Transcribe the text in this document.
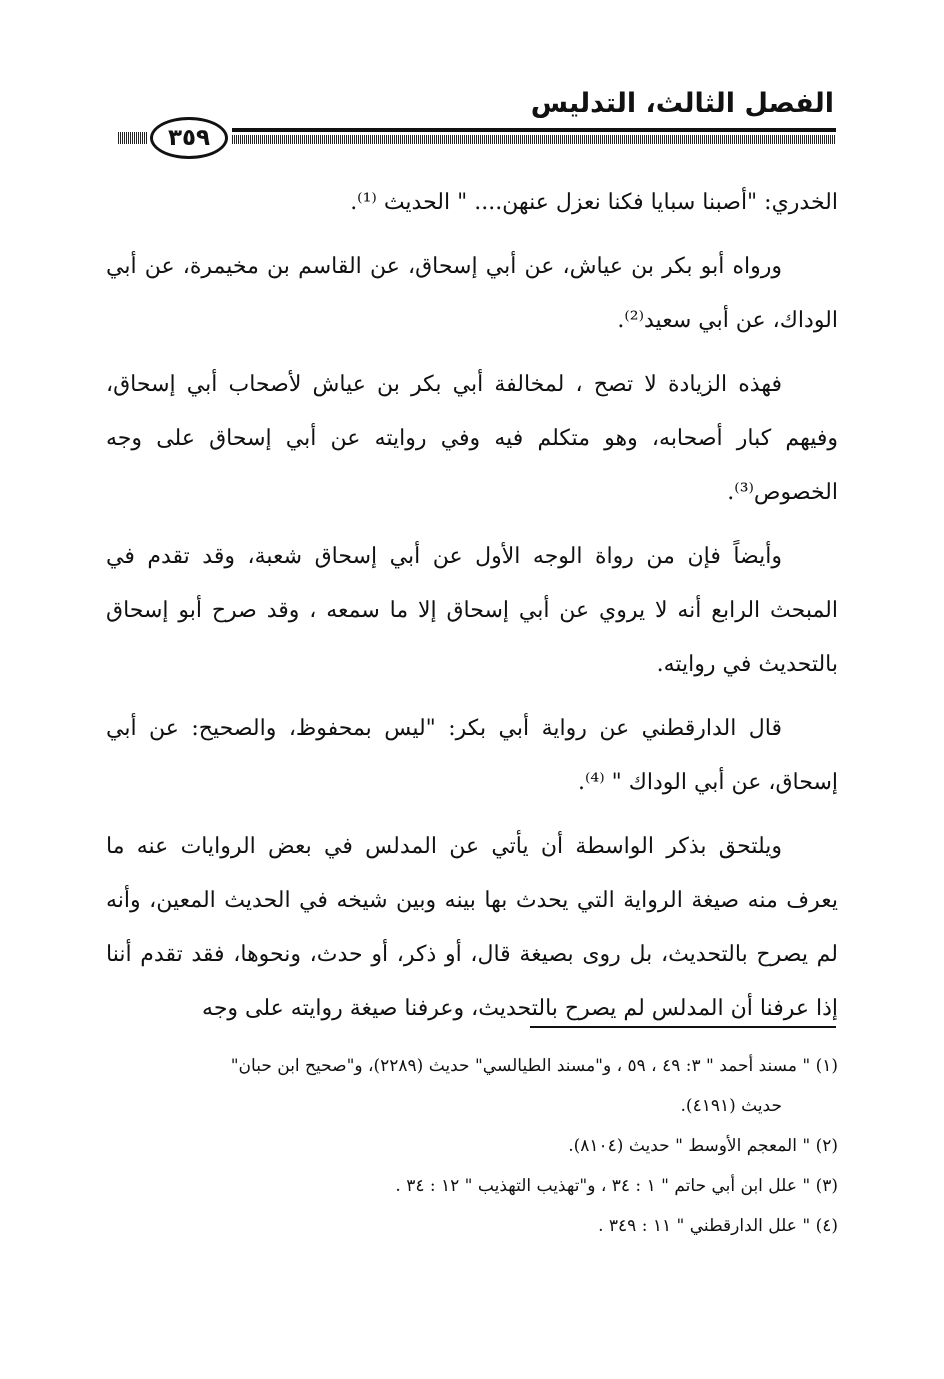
الفصل الثالث، التدليس
٣٥٩

الخدري: "أصبنا سبايا فكنا نعزل عنهن.... " الحديث ⁽¹⁾.

ورواه أبو بكر بن عياش، عن أبي إسحاق، عن القاسم بن مخيمرة، عن أبي الوداك، عن أبي سعيد⁽²⁾.

فهذه الزيادة لا تصح ، لمخالفة أبي بكر بن عياش لأصحاب أبي إسحاق، وفيهم كبار أصحابه، وهو متكلم فيه وفي روايته عن أبي إسحاق على وجه الخصوص⁽³⁾.

وأيضاً فإن من رواة الوجه الأول عن أبي إسحاق شعبة، وقد تقدم في المبحث الرابع أنه لا يروي عن أبي إسحاق إلا ما سمعه ، وقد صرح أبو إسحاق بالتحديث في روايته.

قال الدارقطني عن رواية أبي بكر: "ليس بمحفوظ، والصحيح: عن أبي إسحاق، عن أبي الوداك " ⁽⁴⁾.

ويلتحق بذكر الواسطة أن يأتي عن المدلس في بعض الروايات عنه ما يعرف منه صيغة الرواية التي يحدث بها بينه وبين شيخه في الحديث المعين، وأنه لم يصرح بالتحديث، بل روى بصيغة قال، أو ذكر، أو حدث، ونحوها، فقد تقدم أننا إذا عرفنا أن المدلس لم يصرح بالتحديث، وعرفنا صيغة روايته على وجه

(١) " مسند أحمد " ٣: ٤٩ ، ٥٩ ، و"مسند الطيالسي" حديث (٢٢٨٩)، و"صحيح ابن حبان"

حديث (٤١٩١).

(٢) " المعجم الأوسط " حديث (٨١٠٤).

(٣) " علل ابن أبي حاتم " ١ : ٣٤ ، و"تهذيب التهذيب " ١٢ : ٣٤ .

(٤) " علل الدارقطني " ١١ : ٣٤٩ .
